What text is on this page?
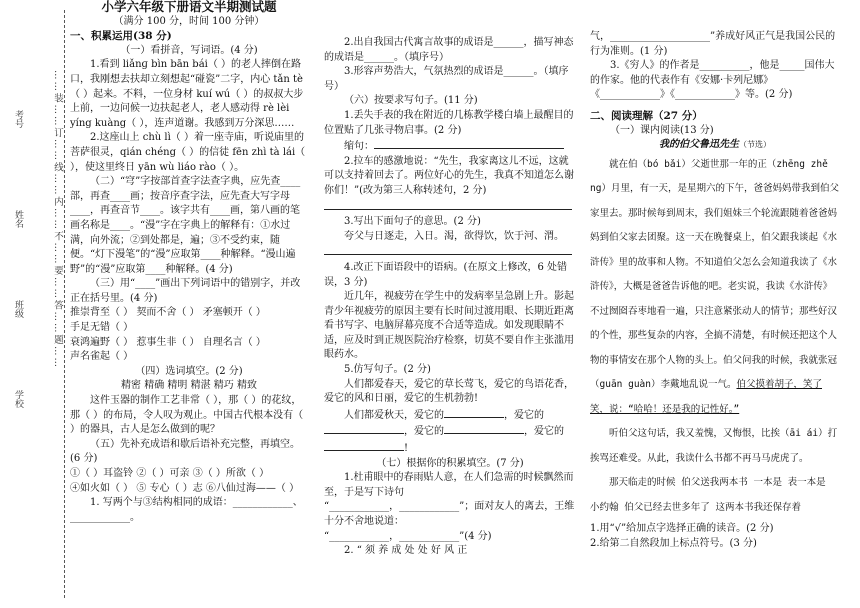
学校
班级
姓名
考号	……装……订……线……内……不……要……答……题……
小学六年级下册语文半期测试题
（满分 100 分，时间 100 分钟）
一、积累运用(38 分)
（一）看拼音，写词语。(4 分)

1.看到 liǎnɡ bìn bān bái（ ）的老人摔倒在路口，我刚想去扶却立刻想起“碰瓷”二字，内心 tǎn tè（ ）起来。不料，一位身材 kuí wú（ ）的叔叔大步上前，一边问候一边扶起老人，老人感动得 rè lèi yíng kuàng（ ），连声道谢。我感到万分深思……

2.这座山上 chù lì（ ）着一座寺庙，听说庙里的菩萨很灵，qián chéng（ ）的信徒 fēn zhì tà lái（ ），使这里终日 yān wù liáo rào（ ）。

（二）“穹”字按部首查字法查字典，应先查____部，再查____画；按音序查字法，应先查大写字母____，再查音节____。该字共有____画，第八画的笔画名称是____。“漫”字在字典上的解释有：①水过满，向外流；②到处都是，遍；③不受约束，随便。“灯下漫笔”的“漫”应取第____种解释。“漫山遍野”的“漫”应取第____种解释。(4 分)

（三）用“____”画出下列词语中的错别字，并改正在括号里。(4 分)

推崇背至（ ） 契而不舍（ ） 矛塞顿开（ ）

手足无错（ ）

衰鸿遍野（ ） 惹事生非（ ） 自理名言（ ）

声名雀起（ ）

（四）选词填空。(2 分)
精密 精确 精明 精湛 精巧 精致

这件玉器的制作工艺非常（ ），那（ ）的花纹，那（ ）的布局，令人叹为观止。中国古代根本没有（ ）的器具，古人是怎么做到的呢？

（五）先补充成语和歇后语补充完整，再填空。(6 分)

①（ ）耳盗铃 ②（ ）可亲 ③（ ）所欲（ ）

④如火如（ ） ⑤ 专心（ ）志 ⑥八仙过海——（ ）

1. 写两个与③结构相同的成语：____________、____________。

2.出自我国古代寓言故事的成语是______，描写神态的成语是______。（填序号）

3.形容声势浩大，气氛热烈的成语是______。（填序号）

（六）按要求写句子。(11 分)

1.丢失手表的我在附近的几栋教学楼白墙上最醒目的位置贴了几张寻物启事。(2 分)

缩句：

2.拉车的感激地说：“先生，我家离这儿不远，这就可以支持着回去了。两位好心的先生，我真不知道怎么谢你们！”(改为第三人称转述句，2 分)

3.写出下面句子的意思。(2 分)

夸父与日逐走，入日。渴，欲得饮，饮于河、渭。

4.改正下面语段中的语病。(在原文上修改，6 处错误，3 分)

近几年，视疲劳在学生中的发病率呈急剧上升。影起青少年视疲劳的原因主要有长时间过渡用眼、长期近距离看书写字、电脑屏幕亮度不合适等造成。如发现眼睛不适，应及时到正规医院治疗检察，切莫不要自作主张滥用眼药水。

5.仿写句子。(2 分)

人们都爱春天，爱它的草长莺飞，爱它的鸟语花香，爱它的风和日丽，爱它的生机勃勃!

人们都爱秋天，爱它的	，爱它的，爱它的	，爱它的!

（七）根据你的积累填空。(7 分)

1.杜甫眼中的春雨贴人意，在人们急需的时候飘然而至，于是写下诗句

“____________，____________”；面对友人的离去，王维十分不舍地说道：

“____________，____________”(4 分)

2. “ 须 养 成 处 处 好 风 正

气，____________________”养成好风正气是我国公民的行为准则。(1 分)

3.《穷人》的作者是__________，他是_____国伟大的作家。他的代表作有《安娜·卡列尼娜》《____________》《____________》等。(2 分)

二、阅读理解（27 分）

（一）课内阅读(13 分)

我的伯父鲁迅先生（节选）

就在伯（bó bǎi）父逝世那一年的正（zhēng zhě ng）月里，有一天，是星期六的下午，爸爸妈妈带我到伯父家里去。那时候每到周末，我们姐妹三个轮流跟随着爸爸妈妈到伯父家去团聚。这一天在晚餐桌上，伯父跟我谈起《水浒传》里的故事和人物。不知道伯父怎么会知道我读了《水浒传》，大概是爸爸告诉他的吧。老实说，我读《水浒传》不过囫囵吞枣地看一遍，只注意紧张动人的情节；那些好汉的个性，那些复杂的内容，全搞不清楚，有时候还把这个人物的事情安在那个人物的头上。伯父问我的时候，我就张冠（guān guàn）李戴地乱说一气。伯父摸着胡子，笑了笑，说：“哈哈！还是我的记性好。”

听伯父这句话，我又羞愧，又悔恨，比挨（āi ái）打挨骂还难受。从此，我读什么书都不再马马虎虎了。

那天临走的时候 伯父送我两本书 一本是 表一本是 小约翰 伯父已经去世多年了 这两本书我还保存着

1.用“√”给加点字选择正确的读音。(2 分)

2.给第二自然段加上标点符号。(3 分)
